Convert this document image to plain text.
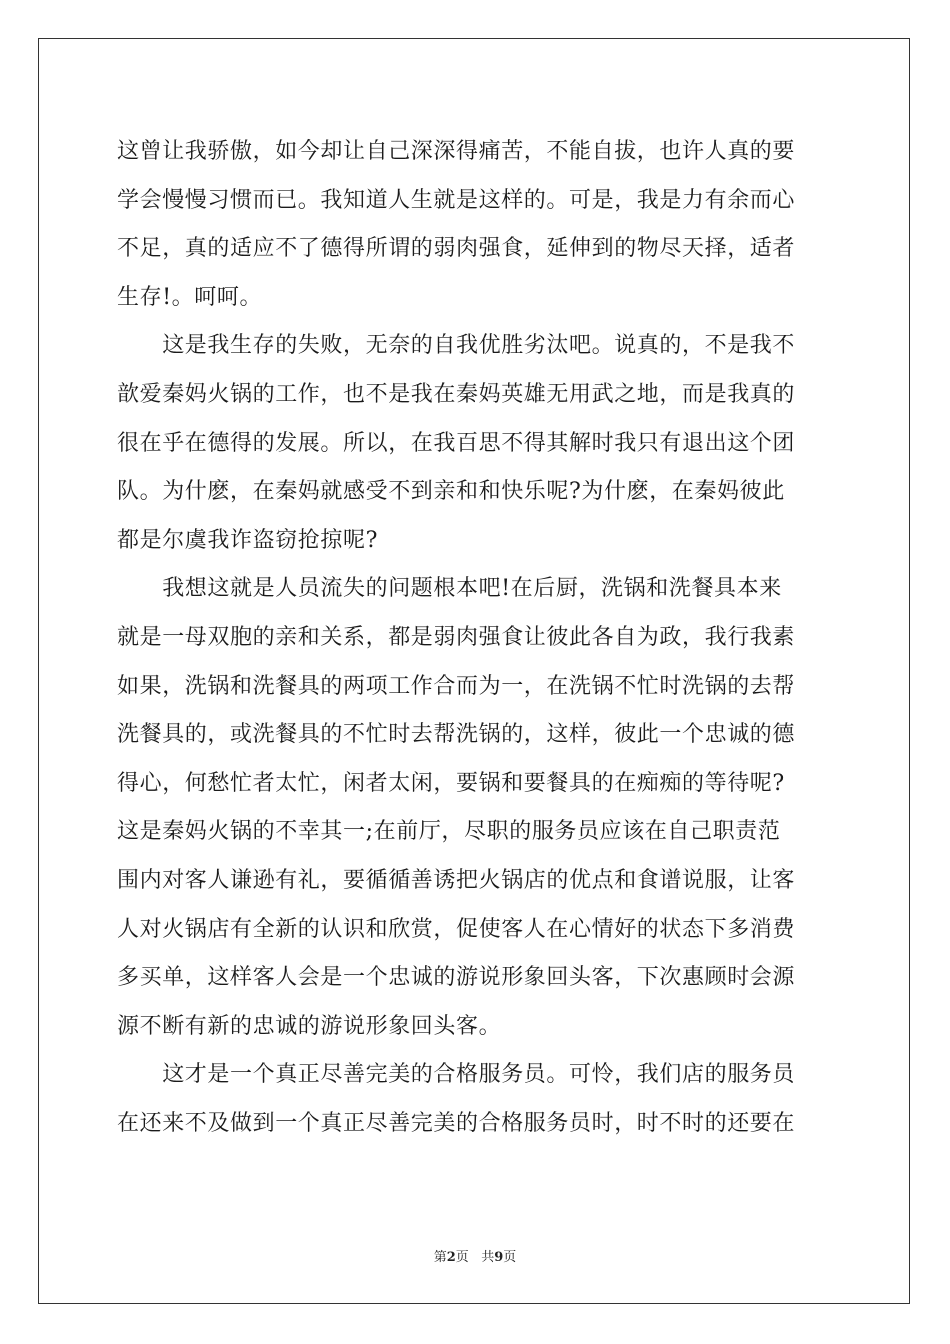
这曾让我骄傲，如今却让自己深深得痛苦，不能自拔，也许人真的要
学会慢慢习惯而已。我知道人生就是这样的。可是，我是力有余而心
不足，真的适应不了德得所谓的弱肉强食，延伸到的物尽天择，适者
生存!。呵呵。
　　这是我生存的失败，无奈的自我优胜劣汰吧。说真的，不是我不
歆爱秦妈火锅的工作，也不是我在秦妈英雄无用武之地，而是我真的
很在乎在德得的发展。所以，在我百思不得其解时我只有退出这个团
队。为什麽，在秦妈就感受不到亲和和快乐呢?为什麽，在秦妈彼此
都是尔虞我诈盗窃抢掠呢?
　　我想这就是人员流失的问题根本吧!在后厨，洗锅和洗餐具本来
就是一母双胞的亲和关系，都是弱肉强食让彼此各自为政，我行我素
如果，洗锅和洗餐具的两项工作合而为一，在洗锅不忙时洗锅的去帮
洗餐具的，或洗餐具的不忙时去帮洗锅的，这样，彼此一个忠诚的德
得心，何愁忙者太忙，闲者太闲，要锅和要餐具的在痴痴的等待呢?
这是秦妈火锅的不幸其一;在前厅，尽职的服务员应该在自己职责范
围内对客人谦逊有礼，要循循善诱把火锅店的优点和食谱说服，让客
人对火锅店有全新的认识和欣赏，促使客人在心情好的状态下多消费
多买单，这样客人会是一个忠诚的游说形象回头客，下次惠顾时会源
源不断有新的忠诚的游说形象回头客。
　　这才是一个真正尽善完美的合格服务员。可怜，我们店的服务员
在还来不及做到一个真正尽善完美的合格服务员时，时不时的还要在
第2页 共9页
